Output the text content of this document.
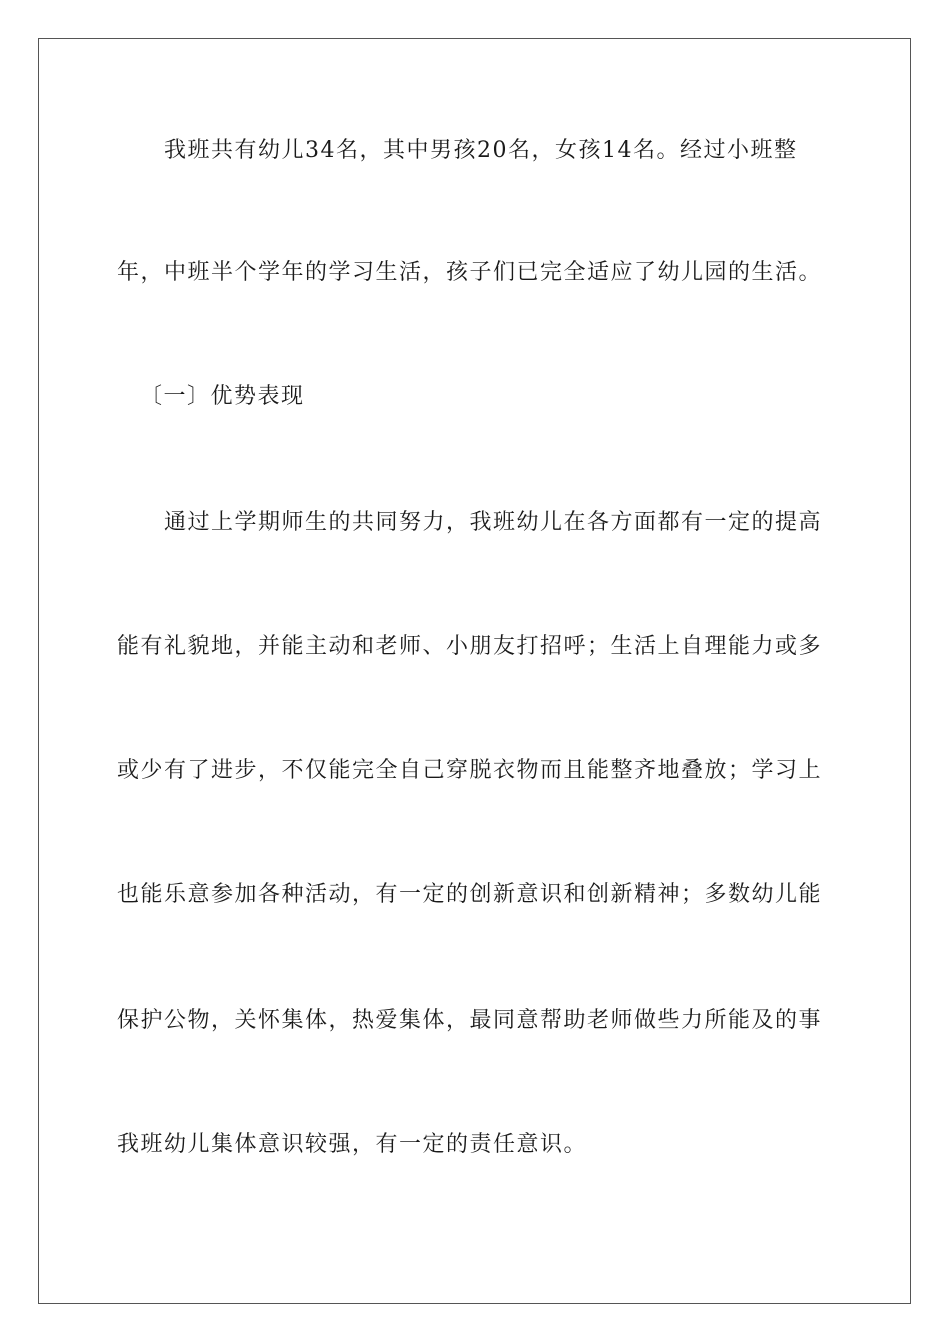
我班共有幼儿34名，其中男孩20名，女孩14名。经过小班整
年，中班半个学年的学习生活，孩子们已完全适应了幼儿园的生活。
〔一〕优势表现
通过上学期师生的共同努力，我班幼儿在各方面都有一定的提高
能有礼貌地，并能主动和老师、小朋友打招呼；生活上自理能力或多
或少有了进步，不仅能完全自己穿脱衣物而且能整齐地叠放；学习上
也能乐意参加各种活动，有一定的创新意识和创新精神；多数幼儿能
保护公物，关怀集体，热爱集体，最同意帮助老师做些力所能及的事
我班幼儿集体意识较强，有一定的责任意识。
